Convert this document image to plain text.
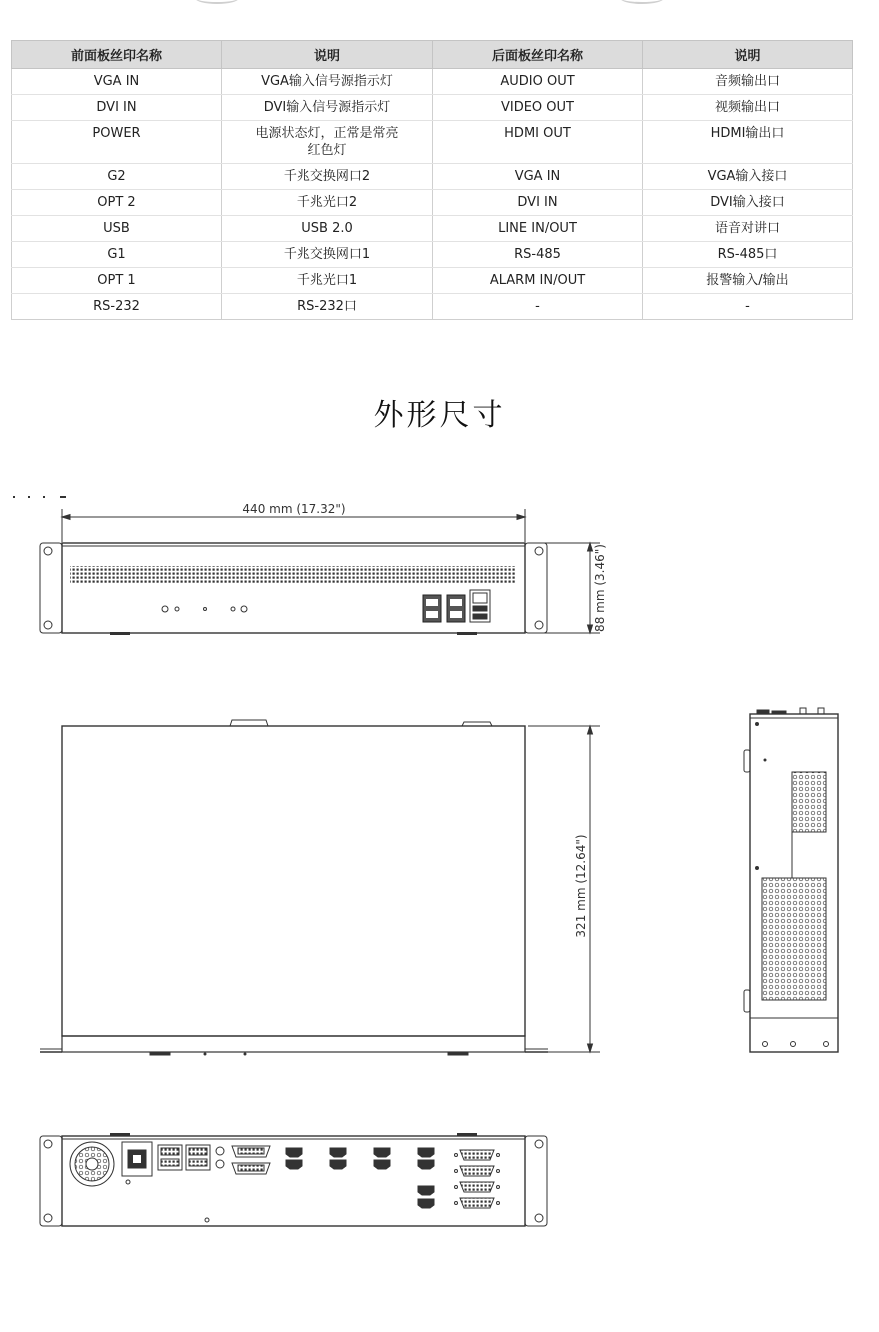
前面板丝印名称	说明	后面板丝印名称	说明
VGA IN	VGA输入信号源指示灯	AUDIO OUT	音频输出口
DVI IN	DVI输入信号源指示灯	VIDEO OUT	视频输出口
POWER	电源状态灯，正常是常亮红色灯	HDMI OUT	HDMI输出口
G2	千兆交换网口2	VGA IN	VGA输入接口
OPT 2	千兆光口2	DVI IN	DVI输入接口
USB	USB 2.0	LINE IN/OUT	语音对讲口
G1	千兆交换网口1	RS-485	RS-485口
OPT 1	千兆光口1	ALARM IN/OUT	报警输入/输出
RS-232	RS-232口	-	-
外形尺寸
440 mm (17.32")
88 mm (3.46")
321 mm (12.64")
